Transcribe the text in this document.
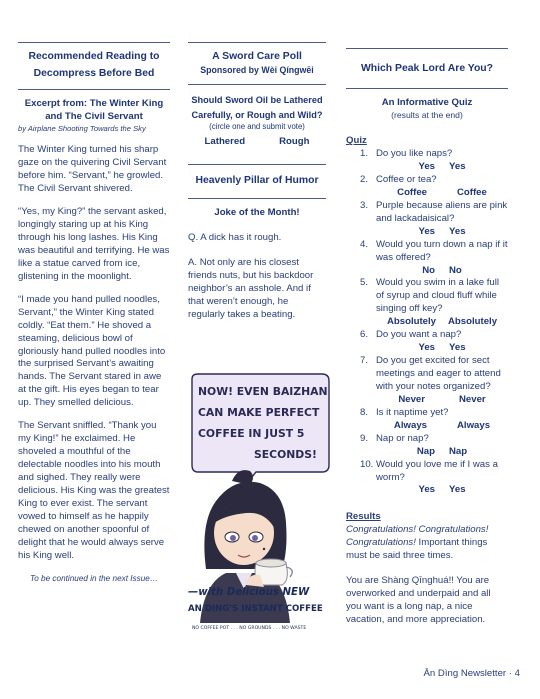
Recommended Reading to
Decompress Before Bed
Excerpt from: The Winter King
and The Civil Servant
by Airplane Shooting Towards the Sky

The Winter King turned his sharp gaze on the quivering Civil Servant before him. “Servant,” he growled. The Civil Servant shivered.

“Yes, my King?” the servant asked, longingly staring up at his King through his long lashes. His King was beautiful and terrifying. He was like a statue carved from ice, glistening in the moonlight.

“I made you hand pulled noodles, Servant,” the Winter King stated coldly. “Eat them.” He shoved a steaming, delicious bowl of gloriously hand pulled noodles into the surprised Servant’s awaiting hands. The Servant stared in awe at the gift. His eyes began to tear up. They smelled delicious.

The Servant sniffled. “Thank you my King!” he exclaimed. He shoveled a mouthful of the delectable noodles into his mouth and sighed. They really were delicious. His King was the greatest King to ever exist. The servant vowed to himself as he happily chewed on another spoonful of delight that he would always serve his King well.

To be continued in the next Issue…
A Sword Care Poll
Sponsored by Wèi Qíngwēi
Should Sword Oil be Lathered
Carefully, or Rough and Wild?
(circle one and submit vote)
Lathered	Rough
Heavenly Pillar of Humor
Joke of the Month!

Q. A dick has it rough.

A. Not only are his closest friends nuts, but his backdoor neighbor’s an asshole. And if that weren’t enough, he regularly takes a beating.

NOW! EVEN BAIZHAN
CAN MAKE PERFECT
COFFEE IN JUST 5
SECONDS!
—with Delicious NEW
AN DING'S INSTANT COFFEE
NO COFFEE POT . . . NO GROUNDS . . . NO WASTE
Which Peak Lord Are You?
An Informative Quiz
(results at the end)
Quiz
1. Do you like naps?
Yes Yes
2. Coffee or tea?
Coffee	Coffee
3. Purple because aliens are pink and lackadaisical?
Yes Yes
4. Would you turn down a nap if it was offered?
No No
5. Would you swim in a lake full of syrup and cloud fluff while singing off key?
Absolutely Absolutely
6. Do you want a nap?
Yes Yes
7. Do you get excited for sect meetings and eager to attend with your notes organized?
Never	Never
8. Is it naptime yet?
Always	Always
9. Nap or nap?
Nap Nap
10. Would you love me if I was a worm?
Yes Yes
Results

Congratulations! Congratulations! Congratulations! Important things must be said three times.

You are Shàng Qīnghuá!! You are overworked and underpaid and all you want is a long nap, a nice vacation, and more appreciation.

Ān Dìng Newsletter · 4
